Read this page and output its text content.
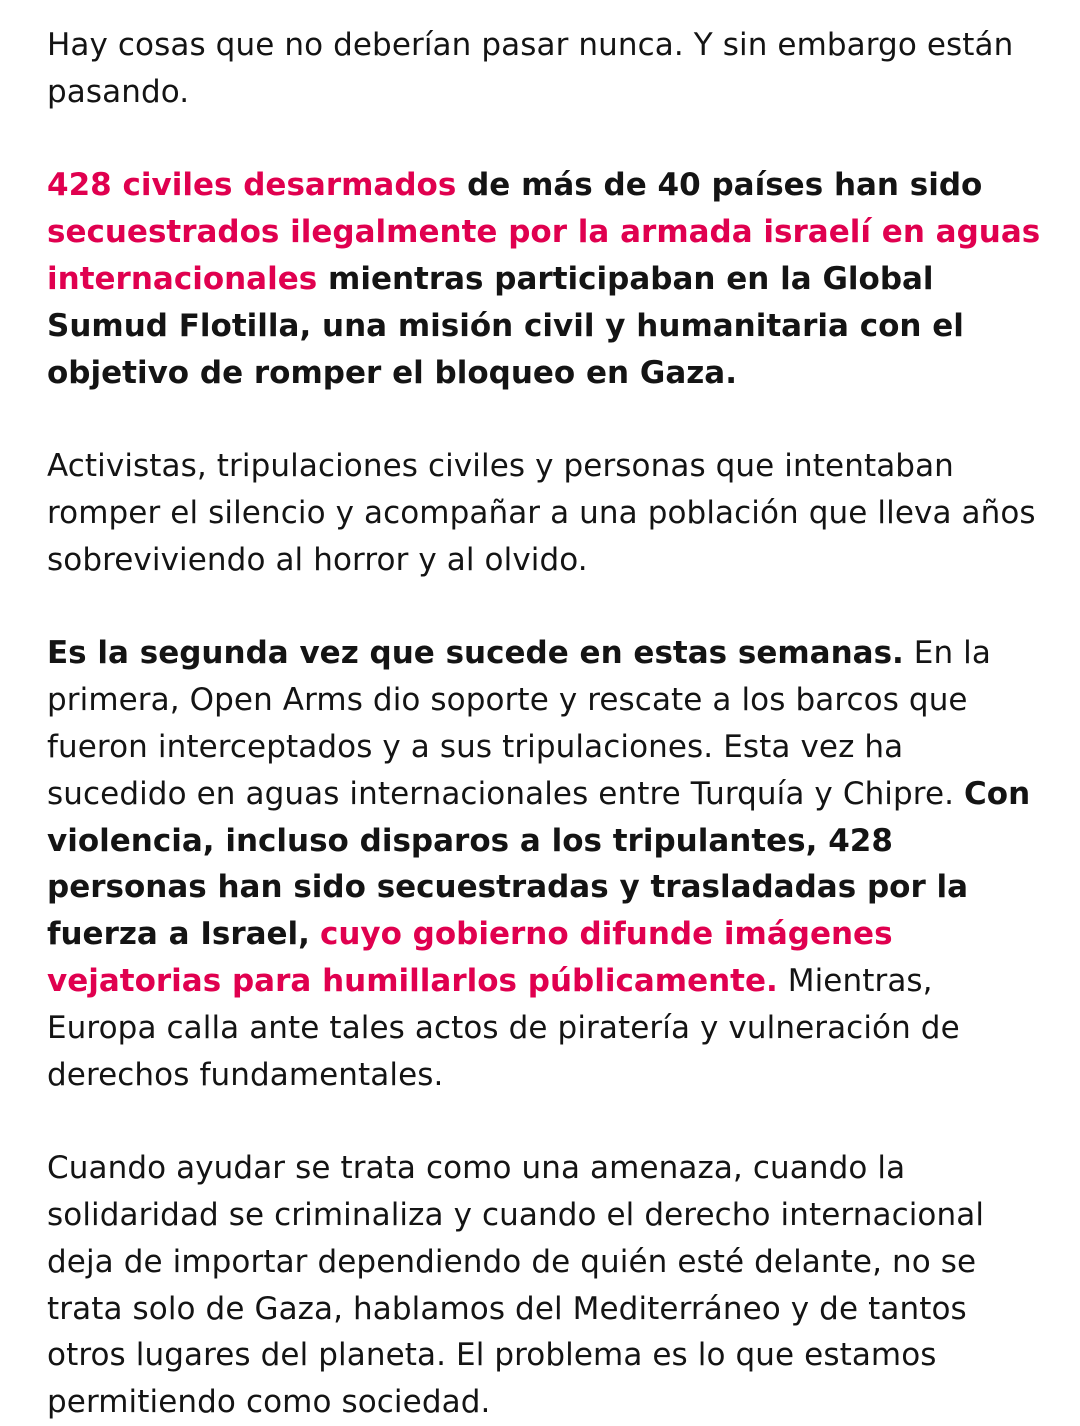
Hay cosas que no deberían pasar nunca. Y sin embargo están pasando.

428 civiles desarmados de más de 40 países han sido secuestrados ilegalmente por la armada israelí en aguas internacionales mientras participaban en la Global Sumud Flotilla, una misión civil y humanitaria con el objetivo de romper el bloqueo en Gaza.

Activistas, tripulaciones civiles y personas que intentaban romper el silencio y acompañar a una población que lleva años sobreviviendo al horror y al olvido.

Es la segunda vez que sucede en estas semanas. En la primera, Open Arms dio soporte y rescate a los barcos que fueron interceptados y a sus tripulaciones. Esta vez ha sucedido en aguas internacionales entre Turquía y Chipre. Con violencia, incluso disparos a los tripulantes, 428 personas han sido secuestradas y trasladadas por la fuerza a Israel, cuyo gobierno difunde imágenes vejatorias para humillarlos públicamente. Mientras, Europa calla ante tales actos de piratería y vulneración de derechos fundamentales.

Cuando ayudar se trata como una amenaza, cuando la solidaridad se criminaliza y cuando el derecho internacional deja de importar dependiendo de quién esté delante, no se trata solo de Gaza, hablamos del Mediterráneo y de tantos otros lugares del planeta. El problema es lo que estamos permitiendo como sociedad.
